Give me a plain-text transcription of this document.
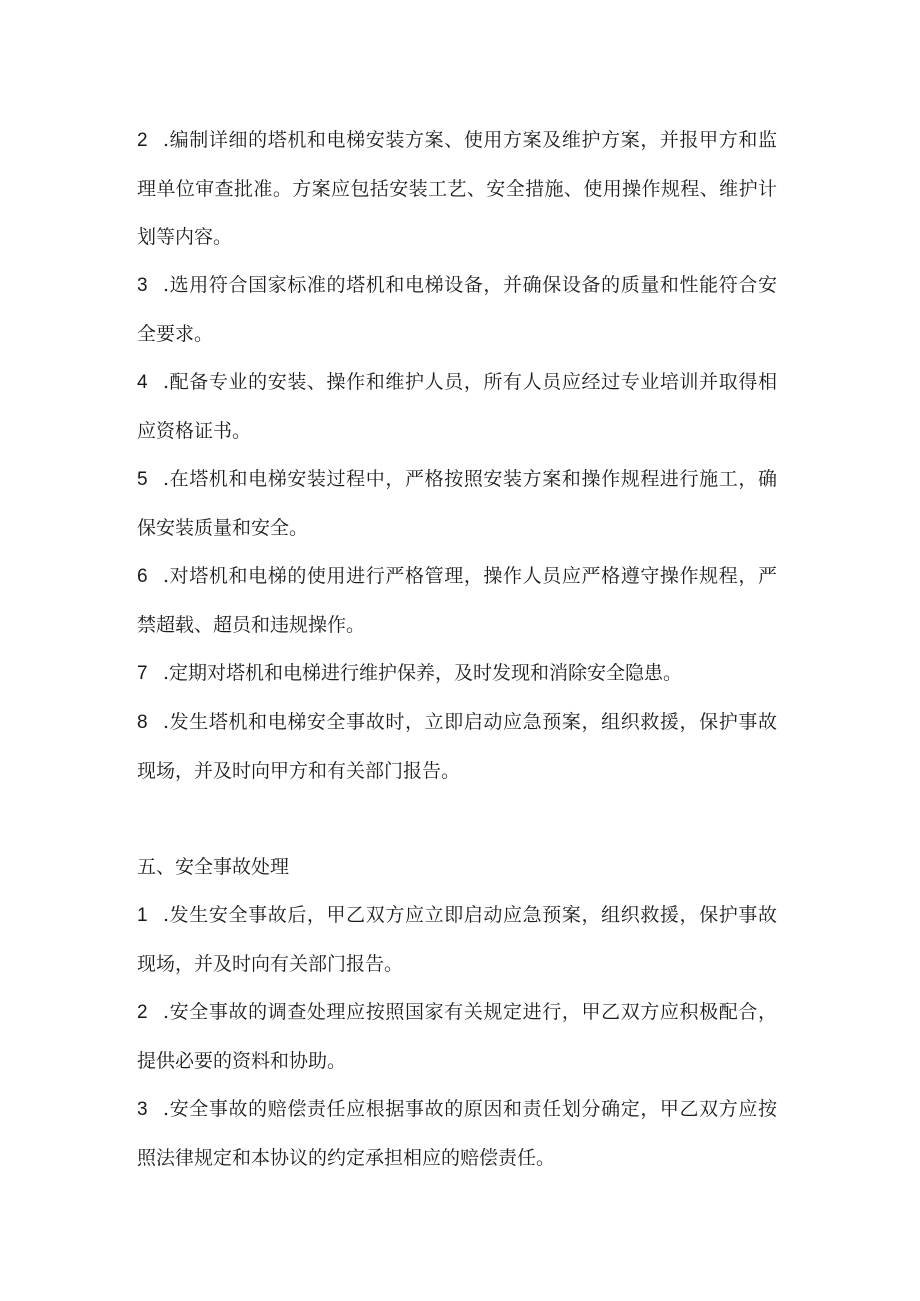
2 .编制详细的塔机和电梯安装方案、使用方案及维护方案，并报甲方和监理单位审查批准。方案应包括安装工艺、安全措施、使用操作规程、维护计划等内容。

3 .选用符合国家标准的塔机和电梯设备，并确保设备的质量和性能符合安全要求。

4 .配备专业的安装、操作和维护人员，所有人员应经过专业培训并取得相应资格证书。

5 .在塔机和电梯安装过程中，严格按照安装方案和操作规程进行施工，确保安装质量和安全。

6 .对塔机和电梯的使用进行严格管理，操作人员应严格遵守操作规程，严禁超载、超员和违规操作。

7 .定期对塔机和电梯进行维护保养，及时发现和消除安全隐患。

8 .发生塔机和电梯安全事故时，立即启动应急预案，组织救援，保护事故现场，并及时向甲方和有关部门报告。

五、安全事故处理

1 .发生安全事故后，甲乙双方应立即启动应急预案，组织救援，保护事故现场，并及时向有关部门报告。

2 .安全事故的调查处理应按照国家有关规定进行，甲乙双方应积极配合，提供必要的资料和协助。

3 .安全事故的赔偿责任应根据事故的原因和责任划分确定，甲乙双方应按照法律规定和本协议的约定承担相应的赔偿责任。
